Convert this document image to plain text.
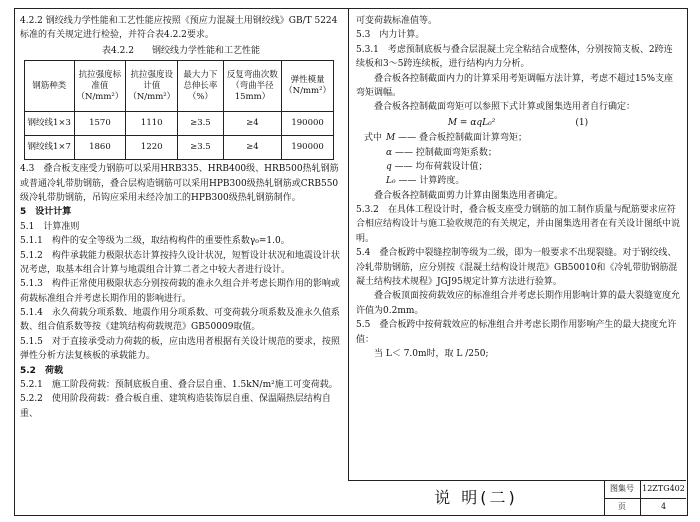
4.2.2 钢绞线力学性能和工艺性能应按照《预应力混凝土用钢绞线》GB/T 5224标准的有关规定进行检验，并符合表4.2.2要求。

表4.2.2　　钢绞线力学性能和工艺性能

钢筋种类	抗拉强度标准值（N/mm²）	抗拉强度设计值（N/mm²）	最大力下总伸长率（%）	反复弯曲次数（弯曲半径15mm）	弹性模量（N/mm²）
钢绞线1×3	1570	1110	≥3.5	≥4	190000
钢绞线1×7	1860	1220	≥3.5	≥4	190000

4.3　叠合板支座受力钢筋可以采用HRB335、HRB400级、HRB500热轧钢筋或普通冷轧带肋钢筋，叠合层构造钢筋可以采用HPB300级热轧钢筋或CRB550级冷轧带肋钢筋，吊钩应采用未经冷加工的HPB300级热轧钢筋制作。

5　设计计算

5.1　计算准则

5.1.1　构件的安全等级为二级，取结构构件的重要性系数γ₀=1.0。

5.1.2　构件承载能力极限状态计算按持久设计状况，短暂设计状况和地震设计状况考虑，取基本组合计算与地震组合计算二者之中较大者进行设计。

5.1.3　构件正常使用极限状态分别按荷载的准永久组合并考虑长期作用的影响或荷载标准组合并考虑长期作用的影响进行。

5.1.4　永久荷载分项系数、地震作用分项系数、可变荷载分项系数及准永久值系数、组合值系数等按《建筑结构荷载规范》GB50009取值。

5.1.5　对于直接承受动力荷载的板，应由选用者根据有关设计规范的要求，按照弹性分析方法复核板的承载能力。

5.2　荷载

5.2.1　施工阶段荷载：预制底板自重、叠合层自重、1.5kN/m²施工可变荷载。

5.2.2　使用阶段荷载：叠合板自重、建筑构造装饰层自重、保温隔热层结构自重、

可变荷载标准值等。

5.3　内力计算。

5.3.1　考虑预制底板与叠合层混凝土完全粘结合成整体，分别按简支板、2跨连续板和3～5跨连续板，进行结构内力分析。

叠合板各控制截面内力的计算采用考矩调幅方法计算，考虑不超过15%支座弯矩调幅。

叠合板各控制截面弯矩可以参照下式计算或图集选用者自行确定：

M = αqL₀²	(1)

式中 M —— 叠合板控制截面计算弯矩；

α —— 控制截面弯矩系数；

q —— 均布荷载设计值；

L₀ —— 计算跨度。

叠合板各控制截面剪力计算由图集选用者确定。

5.3.2　在具体工程设计时，叠合板支座受力钢筋的加工制作质量与配筋要求应符合相应结构设计与施工验收规范的有关规定，并由图集选用者在有关设计图纸中说明。

5.4　叠合板跨中裂缝控制等级为二级，即为一般要求不出现裂缝。对于钢绞线、冷轧带肋钢筋，应分别按《混凝土结构设计规范》GB50010和《冷轧带肋钢筋混凝土结构技术规程》JGJ95规定计算方法进行验算。

叠合板顶面按荷载效应的标准组合并考虑长期作用影响计算的最大裂缝宽度允许值为0.2mm。

5.5　叠合板跨中按荷载效应的标准组合并考虑长期作用影响产生的最大挠度允许值：

当 L＜ 7.0m时，取 L /250;

说 明(二)	图集号	12ZTG402
页	4
